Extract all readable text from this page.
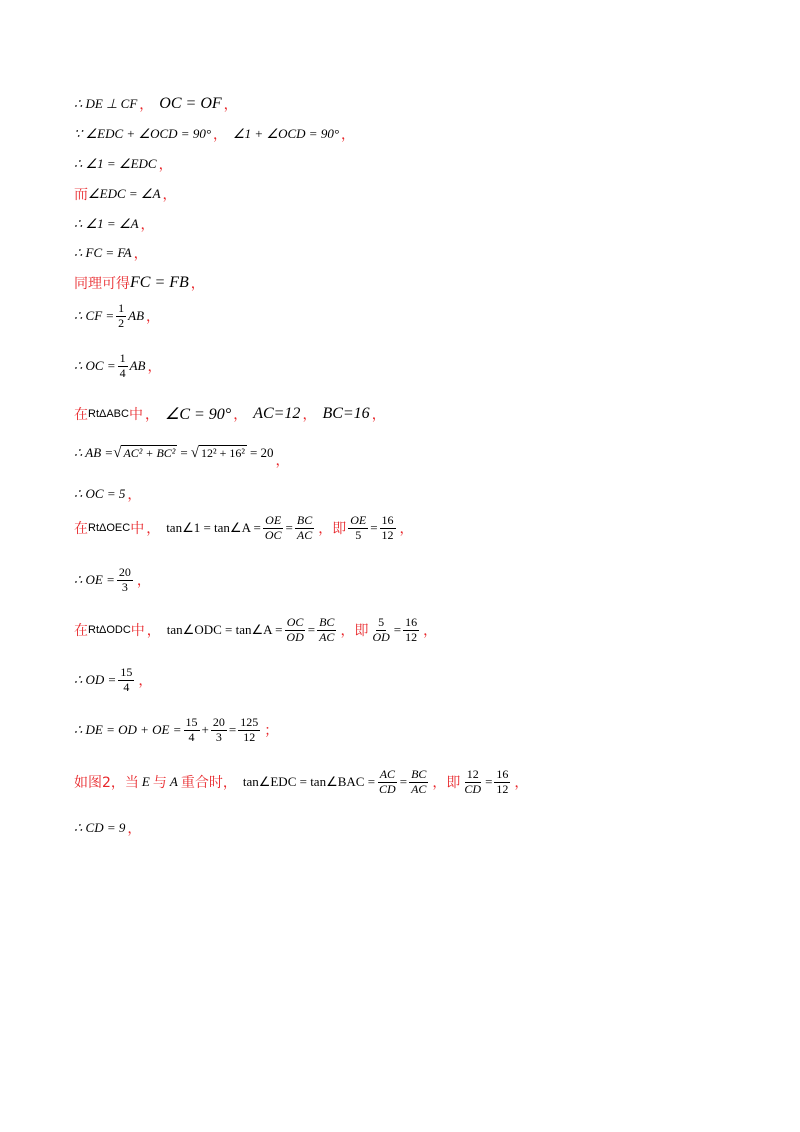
∴ DE ⊥ CF ， OC = OF ，
∵ ∠EDC + ∠OCD = 90° ， ∠1 + ∠OCD = 90° ，
∴ ∠1 = ∠EDC ，
而 ∠EDC = ∠A ，
∴ ∠1 = ∠A ，
∴ FC = FA ，
同理可得 FC = FB ，
∴ CF = $\frac{1}{2}$ AB ，
∴ OC = $\frac{1}{4}$ AB ，
在 RtΔABC 中 ， ∠C = 90° ， AC=12 ， BC=16 ，
∴ AB = √ AC² + BC² = √ 12² + 16² = 20
，
∴ OC = 5 ，
在 RtΔOEC 中 ， tan∠1 = tan∠A = $\frac{OE}{OC} = \frac{BC}{AC}$ ， 即 $\frac{OE}{5} = \frac{16}{12}$ ，
∴ OE = $\frac{20}{3}$ ，
在 RtΔODC 中 ， tan∠ODC = tan∠A = $\frac{OC}{OD} = \frac{BC}{AC}$ ， 即 $\frac{5}{OD} = \frac{16}{12}$ ，
∴ OD = $\frac{15}{4}$ ，
∴ DE = OD + OE = $\frac{15}{4} + \frac{20}{3} = \frac{125}{12}$ ；
如图2，当 E 与 A 重合时， tan∠EDC = tan∠BAC = $\frac{AC}{CD} = \frac{BC}{AC}$ ， 即 $\frac{12}{CD} = \frac{16}{12}$ ，
∴ CD = 9 ，
